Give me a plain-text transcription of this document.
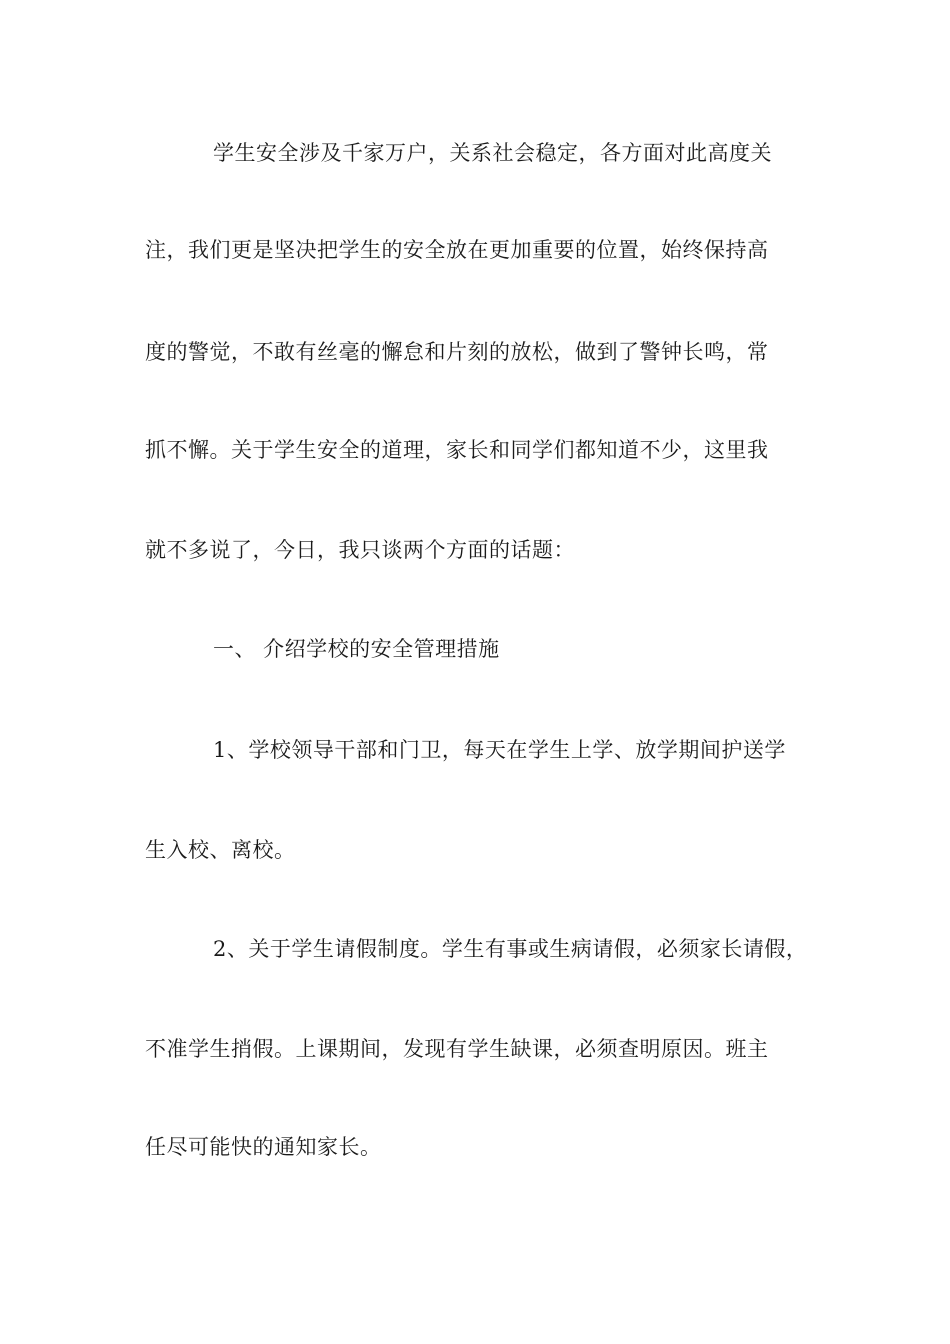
学生安全涉及千家万户，关系社会稳定，各方面对此高度关
注，我们更是坚决把学生的安全放在更加重要的位置，始终保持高
度的警觉，不敢有丝毫的懈怠和片刻的放松，做到了警钟长鸣，常
抓不懈。关于学生安全的道理，家长和同学们都知道不少，这里我
就不多说了，今日，我只谈两个方面的话题：
一、 介绍学校的安全管理措施
1、学校领导干部和门卫，每天在学生上学、放学期间护送学
生入校、离校。
2、关于学生请假制度。学生有事或生病请假，必须家长请假，
不准学生捎假。上课期间，发现有学生缺课，必须查明原因。班主
任尽可能快的通知家长。
